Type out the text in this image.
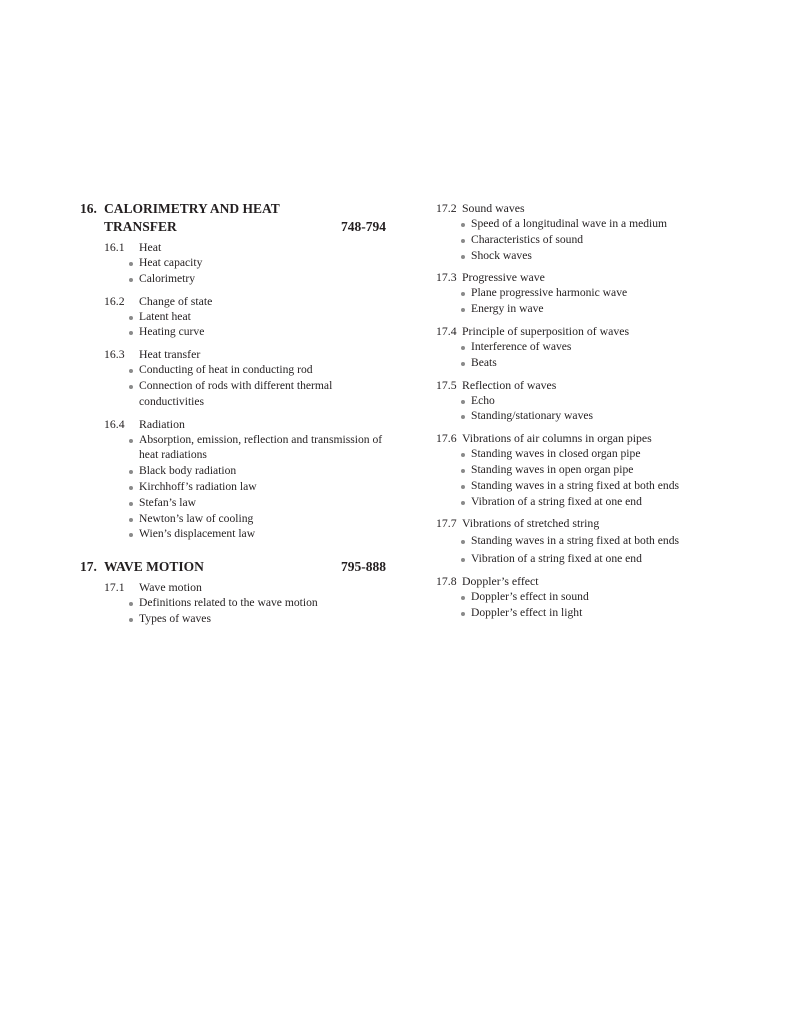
16. CALORIMETRY AND HEAT
TRANSFER	748-794
16.1	Heat
Heat capacity
Calorimetry
16.2	Change of state
Latent heat
Heating curve
16.3	Heat transfer
Conducting of heat in conducting rod
Connection of rods with different thermal conductivities
16.4	Radiation
Absorption, emission, reflection and transmission of heat radiations
Black body radiation
Kirchhoff’s radiation law
Stefan’s law
Newton’s law of cooling
Wien’s displacement law
17. WAVE MOTION	795-888
17.1	Wave motion
Definitions related to the wave motion
Types of waves
17.2 Sound waves
Speed of a longitudinal wave in a medium
Characteristics of sound
Shock waves
17.3 Progressive wave
Plane progressive harmonic wave
Energy in wave
17.4 Principle of superposition of waves
Interference of waves
Beats
17.5 Reflection of waves
Echo
Standing/stationary waves
17.6 Vibrations of air columns in organ pipes
Standing waves in closed organ pipe
Standing waves in open organ pipe
Standing waves in a string fixed at both ends
Vibration of a string fixed at one end
17.7 Vibrations of stretched string
Standing waves in a string fixed at both ends
Vibration of a string fixed at one end
17.8 Doppler’s effect
Doppler’s effect in sound
Doppler’s effect in light
